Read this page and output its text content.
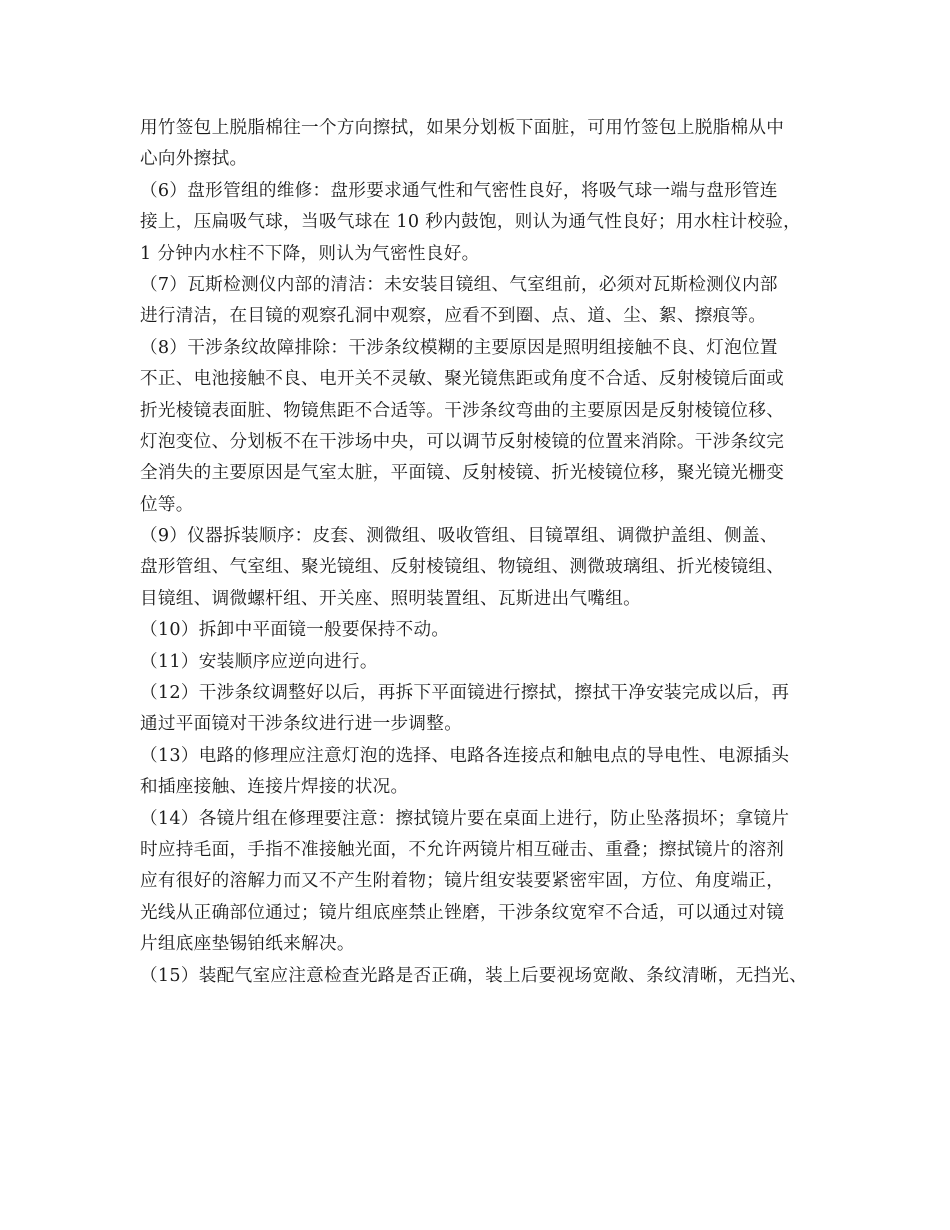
用竹签包上脱脂棉往一个方向擦拭，如果分划板下面脏，可用竹签包上脱脂棉从中
心向外擦拭。
（6）盘形管组的维修：盘形要求通气性和气密性良好，将吸气球一端与盘形管连
接上，压扁吸气球，当吸气球在 10 秒内鼓饱，则认为通气性良好；用水柱计校验，
1 分钟内水柱不下降，则认为气密性良好。
（7）瓦斯检测仪内部的清洁：未安装目镜组、气室组前，必须对瓦斯检测仪内部
进行清洁，在目镜的观察孔洞中观察，应看不到圈、点、道、尘、絮、擦痕等。
（8）干涉条纹故障排除：干涉条纹模糊的主要原因是照明组接触不良、灯泡位置
不正、电池接触不良、电开关不灵敏、聚光镜焦距或角度不合适、反射棱镜后面或
折光棱镜表面脏、物镜焦距不合适等。干涉条纹弯曲的主要原因是反射棱镜位移、
灯泡变位、分划板不在干涉场中央，可以调节反射棱镜的位置来消除。干涉条纹完
全消失的主要原因是气室太脏，平面镜、反射棱镜、折光棱镜位移，聚光镜光栅变
位等。
（9）仪器拆装顺序：皮套、测微组、吸收管组、目镜罩组、调微护盖组、侧盖、
盘形管组、气室组、聚光镜组、反射棱镜组、物镜组、测微玻璃组、折光棱镜组、
目镜组、调微螺杆组、开关座、照明装置组、瓦斯进出气嘴组。
（10）拆卸中平面镜一般要保持不动。
（11）安装顺序应逆向进行。
（12）干涉条纹调整好以后，再拆下平面镜进行擦拭，擦拭干净安装完成以后，再
通过平面镜对干涉条纹进行进一步调整。
（13）电路的修理应注意灯泡的选择、电路各连接点和触电点的导电性、电源插头
和插座接触、连接片焊接的状况。
（14）各镜片组在修理要注意：擦拭镜片要在桌面上进行，防止坠落损坏；拿镜片
时应持毛面，手指不准接触光面，不允许两镜片相互碰击、重叠；擦拭镜片的溶剂
应有很好的溶解力而又不产生附着物；镜片组安装要紧密牢固，方位、角度端正，
光线从正确部位通过；镜片组底座禁止锉磨，干涉条纹宽窄不合适，可以通过对镜
片组底座垫锡铂纸来解决。
（15）装配气室应注意检查光路是否正确，装上后要视场宽敞、条纹清晰，无挡光、
